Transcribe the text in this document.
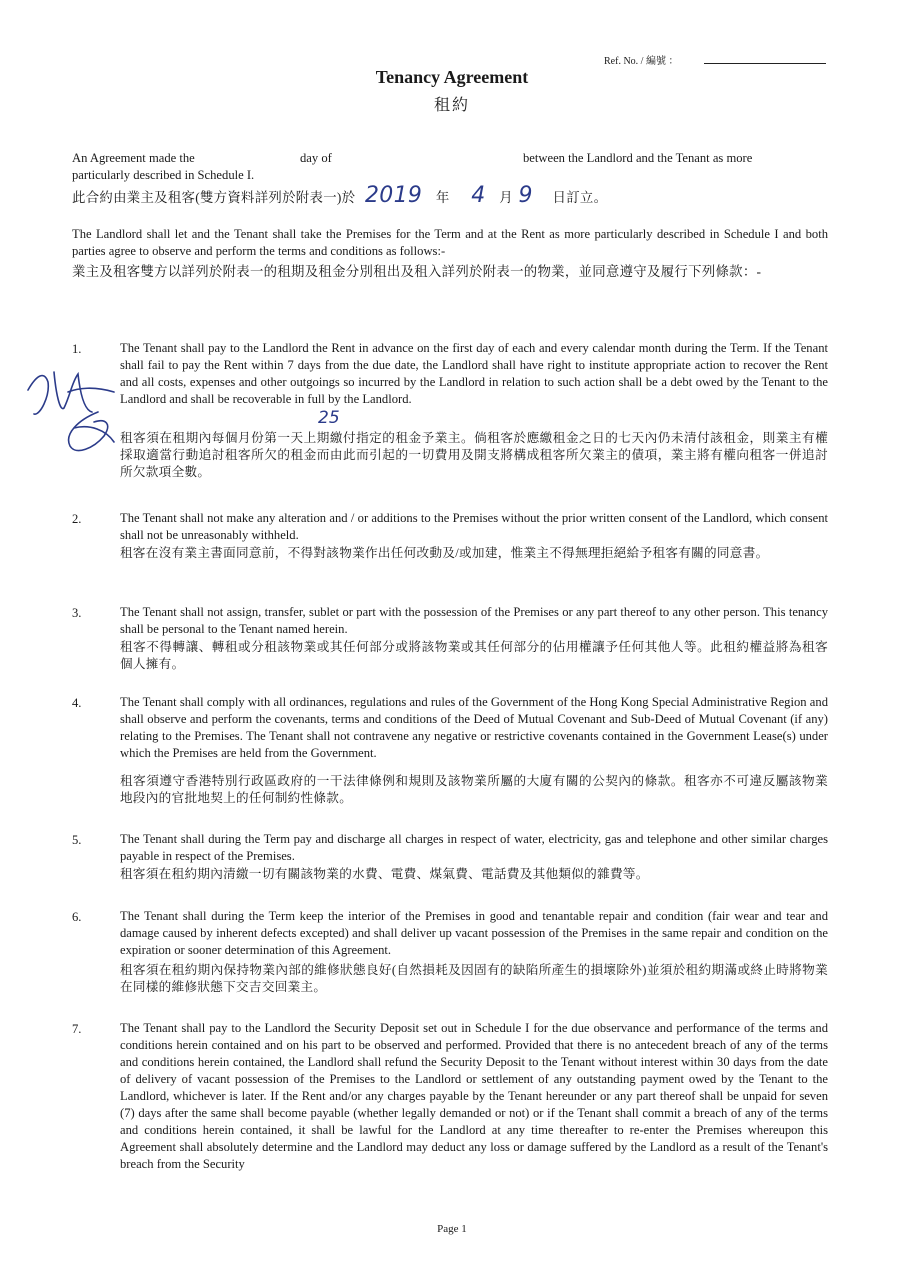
Ref. No. / 編號 ：
Tenancy Agreement
租約
An Agreement made the	day of	between the Landlord and the Tenant as more
particularly described in Schedule I.
此合約由業主及租客(雙方資料詳列於附表一)於 2019 年 4 月 9 日訂立。
The Landlord shall let and the Tenant shall take the Premises for the Term and at the Rent as more particularly described in Schedule I and both parties agree to observe and perform the terms and conditions as follows:-
業主及租客雙方以詳列於附表一的租期及租金分別租出及租入詳列於附表一的物業，並同意遵守及履行下列條款：-
1.	The Tenant shall pay to the Landlord the Rent in advance on the first day of each and every calendar month during the Term. If the Tenant shall fail to pay the Rent within 7 days from the due date, the Landlord shall have right to institute appropriate action to recover the Rent and all costs, expenses and other outgoings so incurred by the Landlord in relation to such action shall be a debt owed by the Tenant to the Landlord and shall be recoverable in full by the Landlord.
25
租客須在租期內每個月份第一天上期繳付指定的租金予業主。倘租客於應繳租金之日的七天內仍未清付該租金，則業主有權採取適當行動追討租客所欠的租金而由此而引起的一切費用及開支將構成租客所欠業主的債項，業主將有權向租客一併追討所欠款項全數。
2.	The Tenant shall not make any alteration and / or additions to the Premises without the prior written consent of the Landlord, which consent shall not be unreasonably withheld.
租客在沒有業主書面同意前，不得對該物業作出任何改動及/或加建，惟業主不得無理拒絕給予租客有關的同意書。
3.	The Tenant shall not assign, transfer, sublet or part with the possession of the Premises or any part thereof to any other person. This tenancy shall be personal to the Tenant named herein.
租客不得轉讓、轉租或分租該物業或其任何部分或將該物業或其任何部分的佔用權讓予任何其他人等。此租約權益將為租客個人擁有。
4.	The Tenant shall comply with all ordinances, regulations and rules of the Government of the Hong Kong Special Administrative Region and shall observe and perform the covenants, terms and conditions of the Deed of Mutual Covenant and Sub-Deed of Mutual Covenant (if any) relating to the Premises. The Tenant shall not contravene any negative or restrictive covenants contained in the Government Lease(s) under which the Premises are held from the Government.
租客須遵守香港特別行政區政府的一干法律條例和規則及該物業所屬的大廈有關的公契內的條款。租客亦不可違反屬該物業地段內的官批地契上的任何制約性條款。
5.	The Tenant shall during the Term pay and discharge all charges in respect of water, electricity, gas and telephone and other similar charges payable in respect of the Premises.
租客須在租約期內清繳一切有關該物業的水費、電費、煤氣費、電話費及其他類似的雜費等。
6.	The Tenant shall during the Term keep the interior of the Premises in good and tenantable repair and condition (fair wear and tear and damage caused by inherent defects excepted) and shall deliver up vacant possession of the Premises in the same repair and condition on the expiration or sooner determination of this Agreement.
租客須在租約期內保持物業內部的維修狀態良好(自然損耗及因固有的缺陷所產生的損壞除外)並須於租約期滿或終止時將物業在同樣的維修狀態下交吉交回業主。
7.	The Tenant shall pay to the Landlord the Security Deposit set out in Schedule I for the due observance and performance of the terms and conditions herein contained and on his part to be observed and performed. Provided that there is no antecedent breach of any of the terms and conditions herein contained, the Landlord shall refund the Security Deposit to the Tenant without interest within 30 days from the date of delivery of vacant possession of the Premises to the Landlord or settlement of any outstanding payment owed by the Tenant to the Landlord, whichever is later. If the Rent and/or any charges payable by the Tenant hereunder or any part thereof shall be unpaid for seven (7) days after the same shall become payable (whether legally demanded or not) or if the Tenant shall commit a breach of any of the terms and conditions herein contained, it shall be lawful for the Landlord at any time thereafter to re-enter the Premises whereupon this Agreement shall absolutely determine and the Landlord may deduct any loss or damage suffered by the Landlord as a result of the Tenant's breach from the Security
Page 1
